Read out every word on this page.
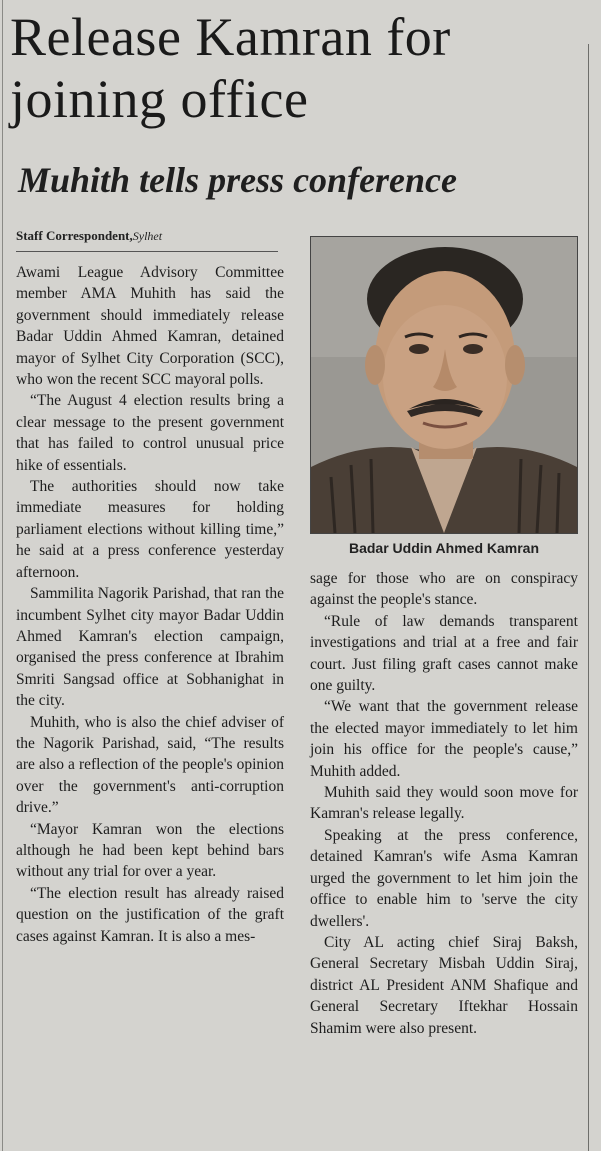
Release Kamran for joining office
Muhith tells press conference
Staff Correspondent,Sylhet

Awami League Advisory Committee member AMA Muhith has said the government should immediately release Badar Uddin Ahmed Kamran, detained mayor of Sylhet City Corporation (SCC), who won the recent SCC mayoral polls.

“The August 4 election results bring a clear message to the present government that has failed to control unusual price hike of essentials.

The authorities should now take immediate measures for holding parliament elections without killing time,” he said at a press conference yesterday afternoon.

Sammilita Nagorik Parishad, that ran the incumbent Sylhet city mayor Badar Uddin Ahmed Kamran's election campaign, organised the press conference at Ibrahim Smriti Sangsad office at Sobhanighat in the city.

Muhith, who is also the chief adviser of the Nagorik Parishad, said, “The results are also a reflection of the people's opinion over the government's anti-corruption drive.”

“Mayor Kamran won the elections although he had been kept behind bars without any trial for over a year.

“The election result has already raised question on the justification of the graft cases against Kamran. It is also a mes-

Badar Uddin Ahmed Kamran

sage for those who are on conspiracy against the people's stance.

“Rule of law demands transparent investigations and trial at a free and fair court. Just filing graft cases cannot make one guilty.

“We want that the government release the elected mayor immediately to let him join his office for the people's cause,” Muhith added.

Muhith said they would soon move for Kamran's release legally.

Speaking at the press conference, detained Kamran's wife Asma Kamran urged the government to let him join the office to enable him to 'serve the city dwellers'.

City AL acting chief Siraj Baksh, General Secretary Misbah Uddin Siraj, district AL President ANM Shafique and General Secretary Iftekhar Hossain Shamim were also present.
